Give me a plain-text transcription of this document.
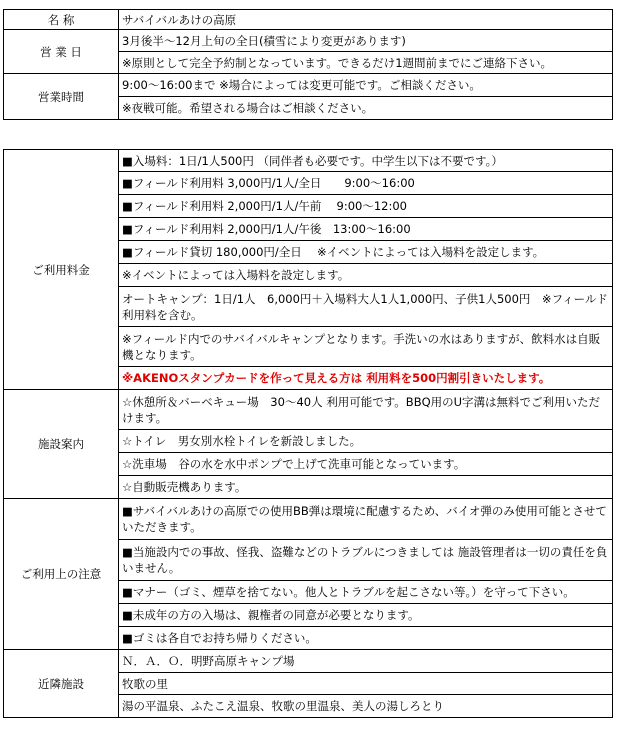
名 称	サバイバルあけの高原
営 業 日	3月後半～12月上旬の全日(積雪により変更があります)
	※原則として完全予約制となっています。できるだけ1週間前までにご連絡下さい。
営業時間	9:00～16:00まで ※場合によっては変更可能です。ご相談ください。
	※夜戦可能。希望される場合はご相談ください。
ご利用料金	■入場料：1日/1人500円 （同伴者も必要です。中学生以下は不要です。）
	■フィールド利用料 3,000円/1人/全日　　9:00～16:00
	■フィールド利用料 2,000円/1人/午前　 9:00～12:00
	■フィールド利用料 2,000円/1人/午後　13:00～16:00
	■フィールド貸切 180,000円/全日　 ※イベントによっては入場料を設定します。
	※イベントによっては入場料を設定します。
	オートキャンプ：1日/1人　6,000円＋入場料大人1人1,000円、子供1人500円　※フィールド利用料を含む。
	※フィールド内でのサバイバルキャンプとなります。手洗いの水はありますが、飲料水は自販機となります。
	※AKENOスタンプカードを作って見える方は 利用料を500円割引きいたします。
施設案内	☆休憩所＆バーベキュー場　30～40人 利用可能です。BBQ用のU字溝は無料でご利用いただけます。
	☆トイレ　男女別水栓トイレを新設しました。
	☆洗車場　谷の水を水中ポンプで上げて洗車可能となっています。
	☆自動販売機あります。
ご利用上の注意	■サバイバルあけの高原での使用BB弾は環境に配慮するため、バイオ弾のみ使用可能とさせていただきます。
	■当施設内での事故、怪我、盗難などのトラブルにつきましては 施設管理者は一切の責任を負いません。
	■マナー（ゴミ、煙草を捨てない。他人とトラブルを起こさない等。）を守って下さい。
	■未成年の方の入場は、親権者の同意が必要となります。
	■ゴミは各自でお持ち帰りください。
近隣施設	Ｎ．Ａ．Ｏ．明野高原キャンプ場
	牧歌の里
	湯の平温泉、ふたこえ温泉、牧歌の里温泉、美人の湯しろとり
